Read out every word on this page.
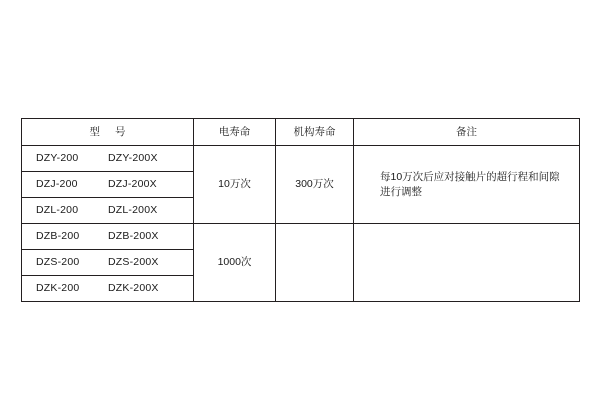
型 号	电寿命	机构寿命	备注
DZY-200 DZY-200X	10万次	300万次	每10万次后应对接触片的超行程和间隙
进行调整

DZJ-200 DZJ-200X			
DZL-200 DZL-200X			
DZB-200 DZB-200X	1000次		
DZS-200 DZS-200X			
DZK-200 DZK-200X			
